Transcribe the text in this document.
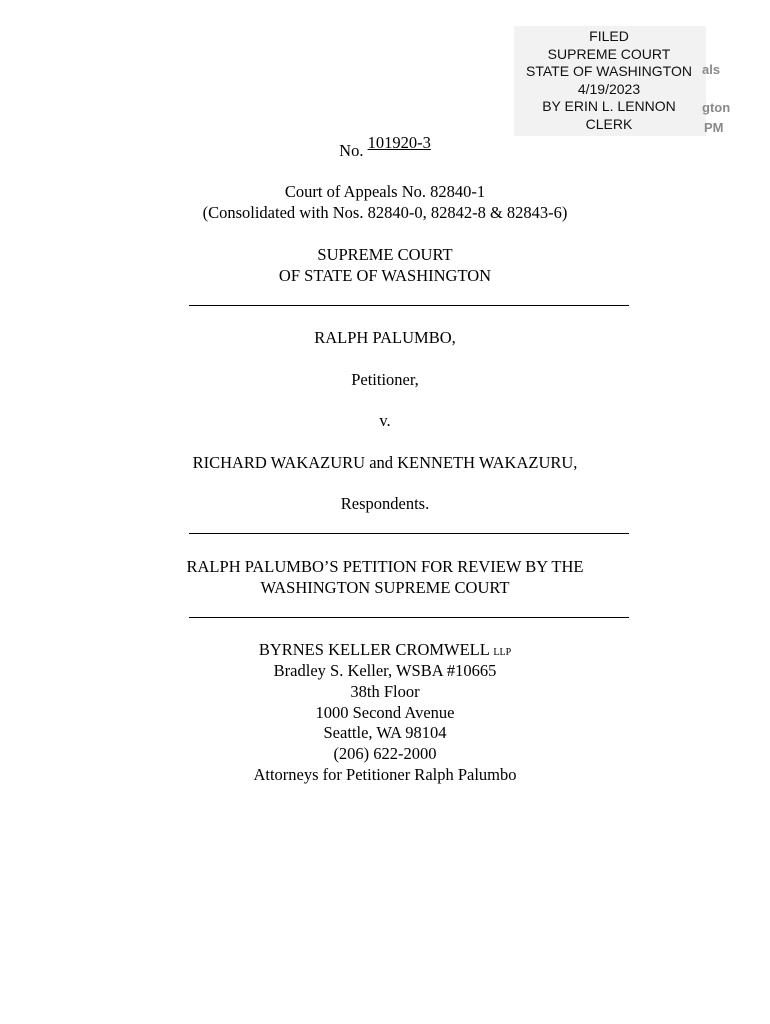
als
gton
PM
FILED
SUPREME COURT
STATE OF WASHINGTON
4/19/2023
BY ERIN L. LENNON
CLERK
No. 101920-3
Court of Appeals No. 82840-1
(Consolidated with Nos. 82840-0, 82842-8 & 82843-6)
SUPREME COURT
OF STATE OF WASHINGTON
RALPH PALUMBO,
Petitioner,
v.
RICHARD WAKAZURU and KENNETH WAKAZURU,
Respondents.
RALPH PALUMBO’S PETITION FOR REVIEW BY THE
WASHINGTON SUPREME COURT
BYRNES KELLER CROMWELL LLP
Bradley S. Keller, WSBA #10665
38th Floor
1000 Second Avenue
Seattle, WA 98104
(206) 622-2000
Attorneys for Petitioner Ralph Palumbo
